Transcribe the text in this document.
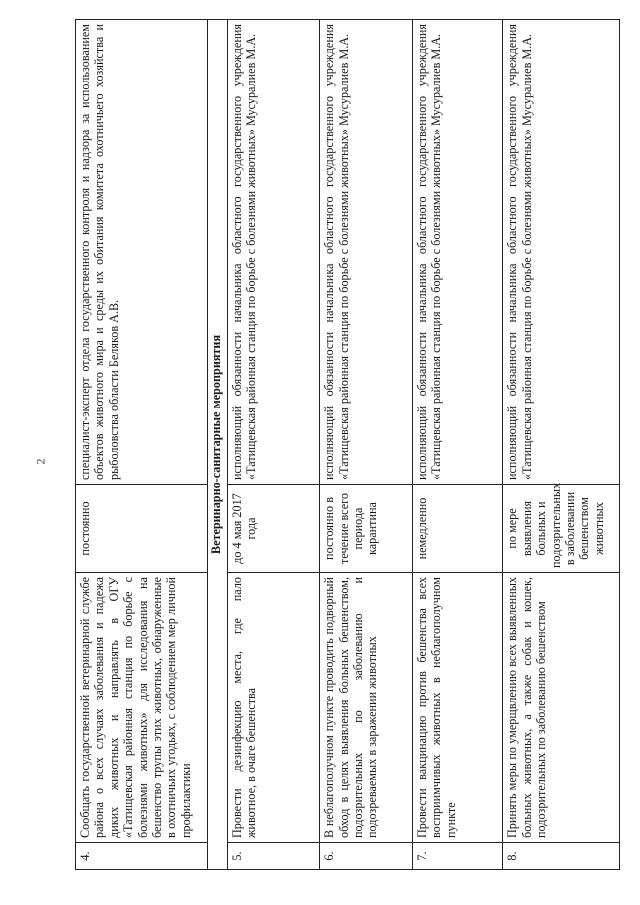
2
4.	Сообщать государственной ветеринарной службе района о всех случаях заболевания и падежа диких животных и направлять в ОГУ «Татищевская районная станция по борьбе с болезнями животных» для исследования на бешенство трупы этих животных, обнаруженные в охотничьих угодьях, с соблюдением мер личной профилактики	постоянно	специалист-эксперт отдела государственного контроля и надзора за использованием объектов животного мира и среды их обитания комитета охотничьего хозяйства и рыболовства области Беляков А.В.
Ветеринарно-санитарные мероприятия			
5.	Провести дезинфекцию места, где пало животное, в очаге бешенства	до 4 мая 2017 года	исполняющий обязанности начальника областного государственного учреждения «Татищевская районная станция по борьбе с болезнями животных» Мусуралиев М.А.
6.	В неблагополучном пункте проводить подворный обход в целях выявления больных бешенством, подозрительных по заболеванию и подозреваемых в заражении животных	постоянно в течение всего периода карантина	исполняющий обязанности начальника областного государственного учреждения «Татищевская районная станция по борьбе с болезнями животных» Мусуралиев М.А.
7.	Провести вакцинацию против бешенства всех восприимчивых животных в неблагополучном пункте	немедленно	исполняющий обязанности начальника областного государственного учреждения «Татищевская районная станция по борьбе с болезнями животных» Мусуралиев М.А.
8.	Принять меры по умерщвлению всех выявленных больных животных, а также собак и кошек, подозрительных по заболеванию бешенством	по мере выявления больных и подозрительных в заболевании бешенством животных	исполняющий обязанности начальника областного государственного учреждения «Татищевская районная станция по борьбе с болезнями животных» Мусуралиев М.А.
